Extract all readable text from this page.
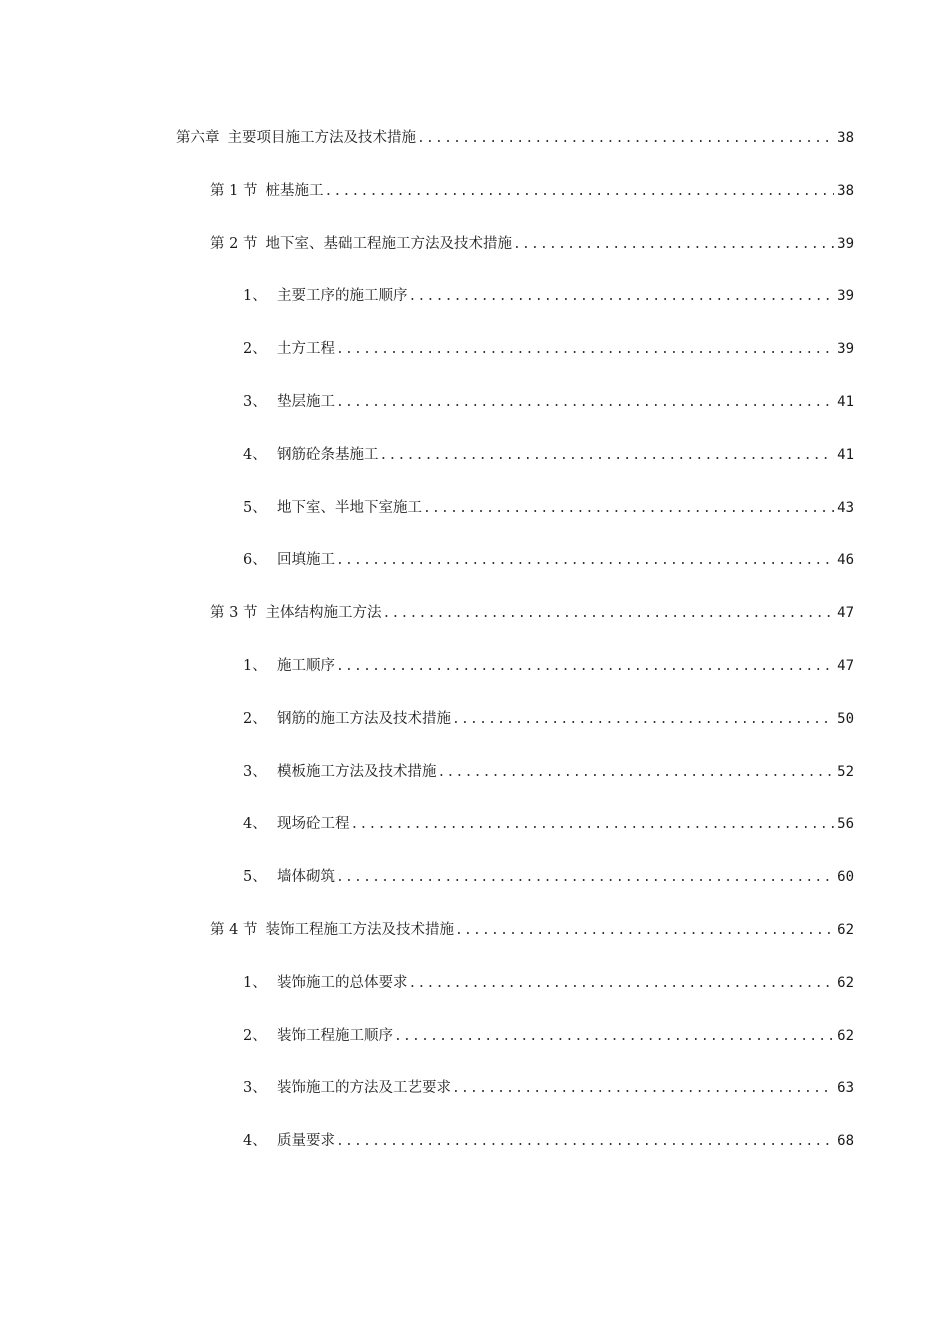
第六章 主要项目施工方法及技术措施 .....	38
第 1 节 桩基施工 .....	38
第 2 节 地下室、基础工程施工方法及技术措施 .....	39
1、 主要工序的施工顺序 .....	39
2、 土方工程 .....	39
3、 垫层施工 .....	41
4、 钢筋砼条基施工 .....	41
5、 地下室、半地下室施工 .....	43
6、 回填施工 .....	46
第 3 节 主体结构施工方法 .....	47
1、 施工顺序 .....	47
2、 钢筋的施工方法及技术措施 .....	50
3、 模板施工方法及技术措施 .....	52
4、 现场砼工程 .....	56
5、 墙体砌筑 .....	60
第 4 节 装饰工程施工方法及技术措施 .....	62
1、 装饰施工的总体要求 .....	62
2、 装饰工程施工顺序 .....	62
3、 装饰施工的方法及工艺要求 .....	63
4、 质量要求 .....	68
